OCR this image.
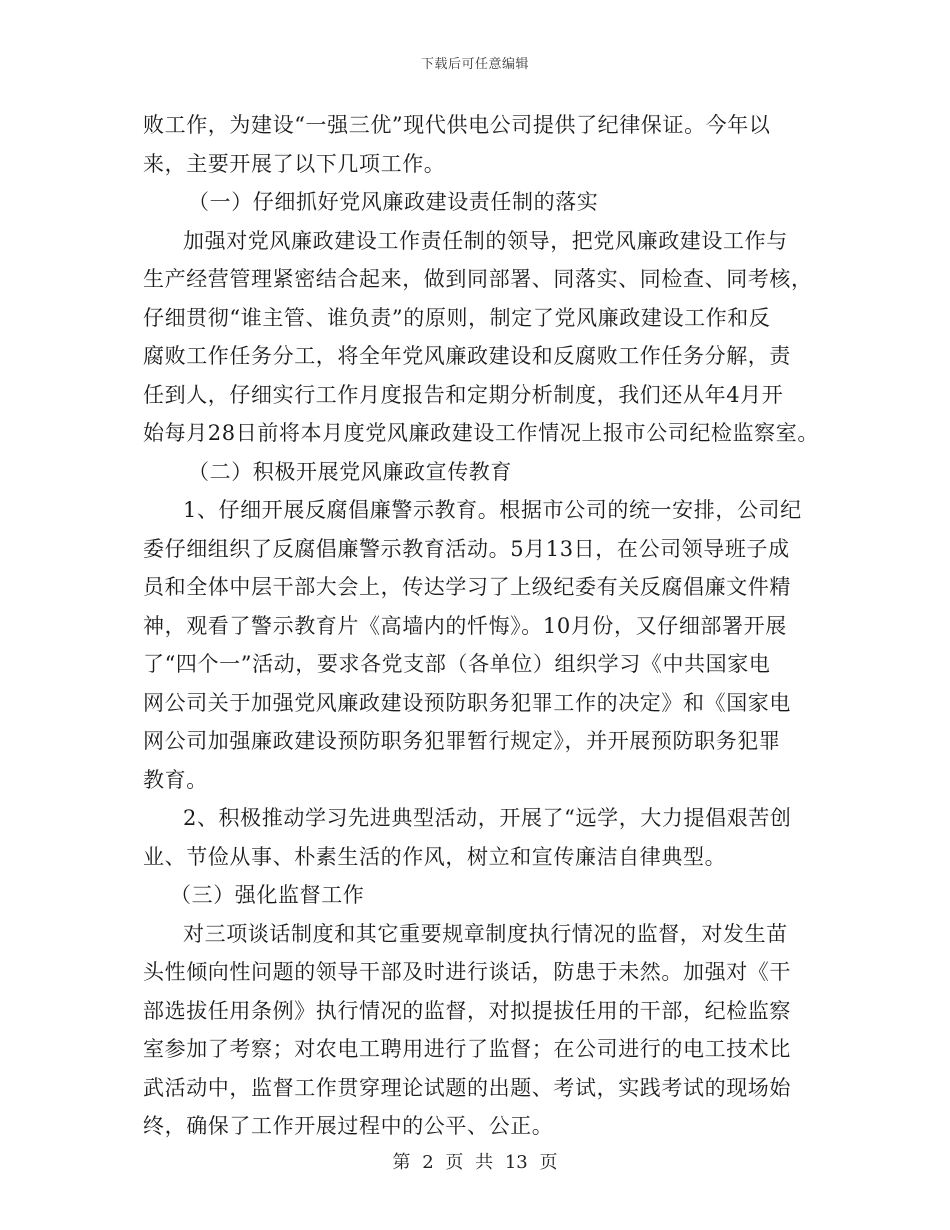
下载后可任意编辑
败工作，为建设“一强三优”现代供电公司提供了纪律保证。今年以
来，主要开展了以下几项工作。
（一）仔细抓好党风廉政建设责任制的落实
加强对党风廉政建设工作责任制的领导，把党风廉政建设工作与
生产经营管理紧密结合起来，做到同部署、同落实、同检查、同考核，
仔细贯彻“谁主管、谁负责”的原则，制定了党风廉政建设工作和反
腐败工作任务分工，将全年党风廉政建设和反腐败工作任务分解，责
任到人，仔细实行工作月度报告和定期分析制度，我们还从年4月开
始每月28日前将本月度党风廉政建设工作情况上报市公司纪检监察室。
（二）积极开展党风廉政宣传教育
1、仔细开展反腐倡廉警示教育。根据市公司的统一安排，公司纪
委仔细组织了反腐倡廉警示教育活动。5月13日，在公司领导班子成
员和全体中层干部大会上，传达学习了上级纪委有关反腐倡廉文件精
神，观看了警示教育片《高墙内的忏悔》。10月份，又仔细部署开展
了“四个一”活动，要求各党支部（各单位）组织学习《中共国家电
网公司关于加强党风廉政建设预防职务犯罪工作的决定》和《国家电
网公司加强廉政建设预防职务犯罪暂行规定》，并开展预防职务犯罪
教育。
2、积极推动学习先进典型活动，开展了“远学，大力提倡艰苦创
业、节俭从事、朴素生活的作风，树立和宣传廉洁自律典型。
（三）强化监督工作
对三项谈话制度和其它重要规章制度执行情况的监督，对发生苗
头性倾向性问题的领导干部及时进行谈话，防患于未然。加强对《干
部选拔任用条例》执行情况的监督，对拟提拔任用的干部，纪检监察
室参加了考察；对农电工聘用进行了监督；在公司进行的电工技术比
武活动中，监督工作贯穿理论试题的出题、考试，实践考试的现场始
终，确保了工作开展过程中的公平、公正。
第 2 页 共 13 页
